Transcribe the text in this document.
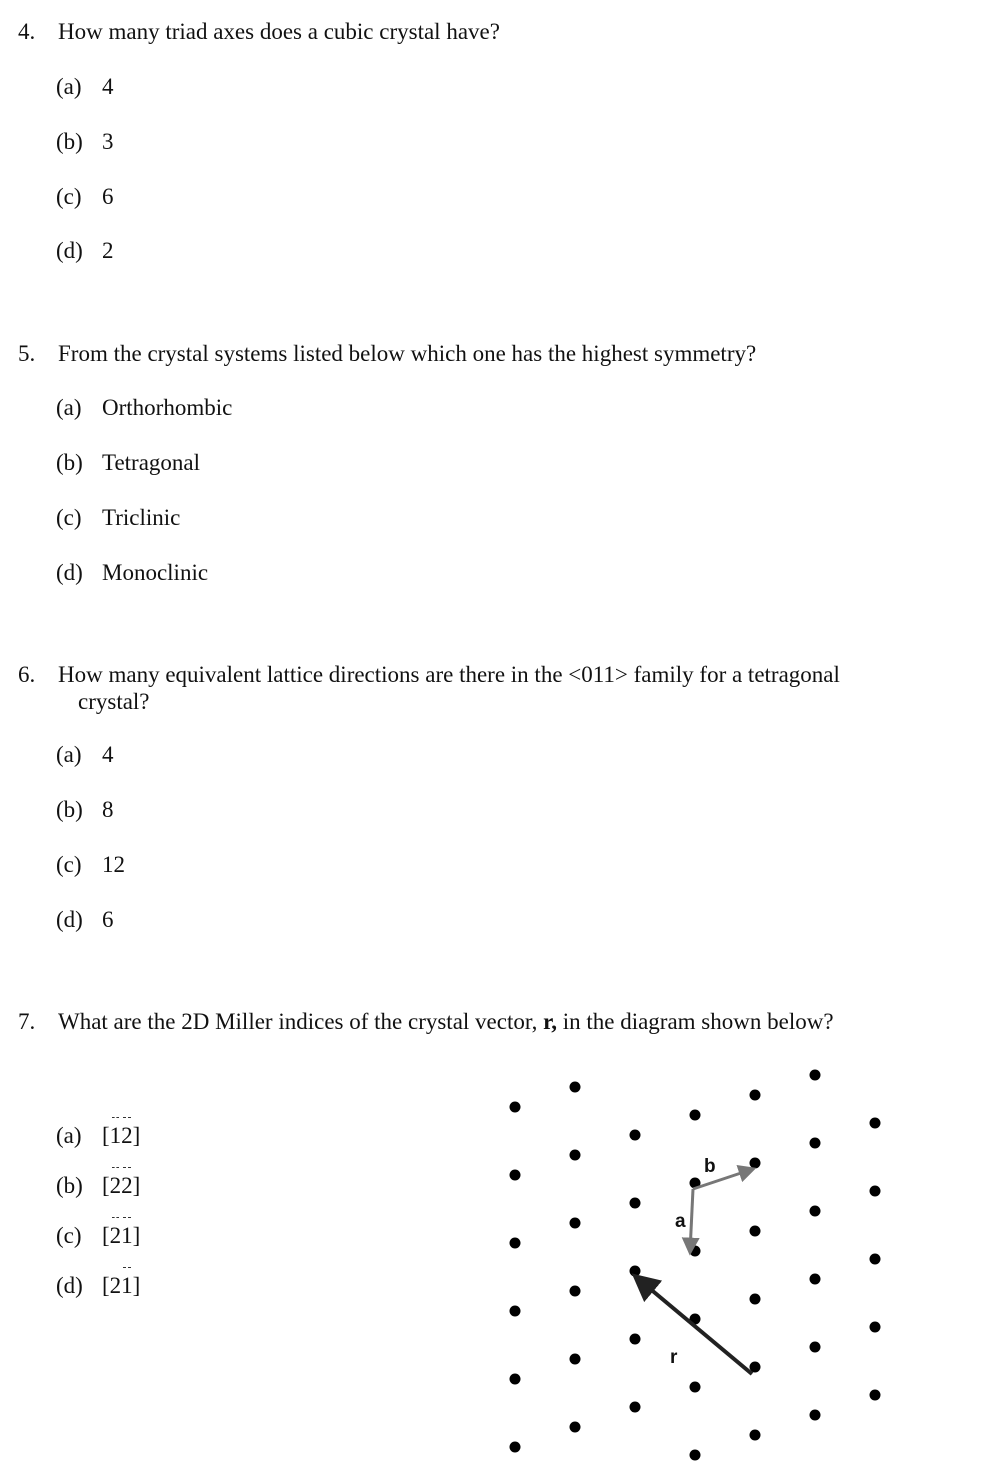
4. How many triad axes does a cubic crystal have?
(a) 4
(b) 3
(c) 6
(d) 2
5. From the crystal systems listed below which one has the highest symmetry?
(a) Orthorhombic
(b) Tetragonal
(c) Triclinic
(d) Monoclinic
6. How many equivalent lattice directions are there in the <011> family for a tetragonal
crystal?
(a) 4
(b) 8
(c) 12
(d) 6
7. What are the 2D Miller indices of the crystal vector, r, in the diagram shown below?
(a) [12]
(b) [22]
(c) [21]
(d) [21]
a
b
r
